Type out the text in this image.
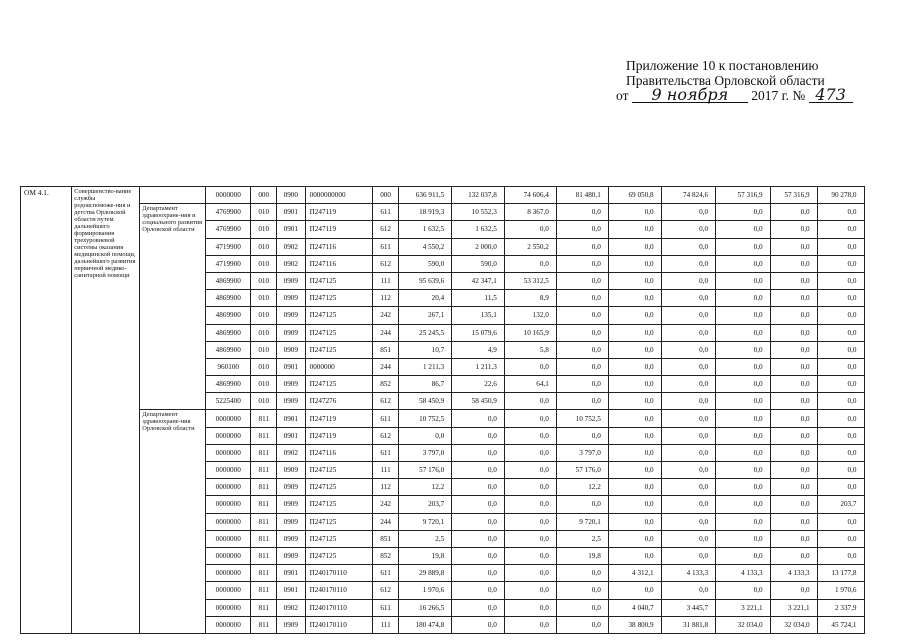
Приложение 10 к постановлению
Правительства Орловской области
от 9 ноября 2017 г. № 473
ОМ 4.1.	Совершенство-вание службы родовспоможе-ния и детства Орловской области путем дальнейшего формирования трехуровневой системы оказания медицинской помощи, дальнейшего развития первичной медико-санитарной помощи		0000000	000	0900	0000000000	000	636 911,5	132 037,8	74 606,4	81 480,1	69 050,8	74 824,6	57 316,9	57 316,9	90 278,0
		Департамент здравоохране-ния и социального развития Орловской области	4769900	010	0901	П247119	611	18 919,3	10 552,3	8 367,0	0,0	0,0	0,0	0,0	0,0	0,0
			4769900	010	0901	П247119	612	1 632,5	1 632,5	0,0	0,0	0,0	0,0	0,0	0,0	0,0
			4719900	010	0902	П247116	611	4 550,2	2 000,0	2 550,2	0,0	0,0	0,0	0,0	0,0	0,0
			4719900	010	0902	П247116	612	590,0	590,0	0,0	0,0	0,0	0,0	0,0	0,0	0,0
			4869900	010	0909	П247125	111	95 639,6	42 347,1	53 312,5	0,0	0,0	0,0	0,0	0,0	0,0
			4869900	010	0909	П247125	112	20,4	11,5	8,9	0,0	0,0	0,0	0,0	0,0	0,0
			4869900	010	0909	П247125	242	267,1	135,1	132,0	0,0	0,0	0,0	0,0	0,0	0,0
			4869900	010	0909	П247125	244	25 245,5	15 079,6	10 165,9	0,0	0,0	0,0	0,0	0,0	0,0
			4869900	010	0909	П247125	851	10,7	4,9	5,8	0,0	0,0	0,0	0,0	0,0	0,0
			960100	010	0901	0000000	244	1 211,3	1 211,3	0,0	0,0	0,0	0,0	0,0	0,0	0,0
			4869900	010	0909	П247125	852	86,7	22,6	64,1	0,0	0,0	0,0	0,0	0,0	0,0
			5225400	010	0909	П247276	612	58 450,9	58 450,9	0,0	0,0	0,0	0,0	0,0	0,0	0,0
		Департамент здравоохране-ния Орловской области	0000000	811	0901	П247119	611	10 752,5	0,0	0,0	10 752,5	0,0	0,0	0,0	0,0	0,0
			0000000	811	0901	П247119	612	0,0	0,0	0,0	0,0	0,0	0,0	0,0	0,0	0,0
			0000000	811	0902	П247116	611	3 797,0	0,0	0,0	3 797,0	0,0	0,0	0,0	0,0	0,0
			0000000	811	0909	П247125	111	57 176,0	0,0	0,0	57 176,0	0,0	0,0	0,0	0,0	0,0
			0000000	811	0909	П247125	112	12,2	0,0	0,0	12,2	0,0	0,0	0,0	0,0	0,0
			0000000	811	0909	П247125	242	203,7	0,0	0,0	0,0	0,0	0,0	0,0	0,0	203,7
			0000000	811	0909	П247125	244	9 720,1	0,0	0,0	9 720,1	0,0	0,0	0,0	0,0	0,0
			0000000	811	0909	П247125	851	2,5	0,0	0,0	2,5	0,0	0,0	0,0	0,0	0,0
			0000000	811	0909	П247125	852	19,8	0,0	0,0	19,8	0,0	0,0	0,0	0,0	0,0
			0000000	811	0901	П240170110	611	29 889,8	0,0	0,0	0,0	4 312,1	4 133,3	4 133,3	4 133,3	13 177,8
			0000000	811	0901	П240170110	612	1 970,6	0,0	0,0	0,0	0,0	0,0	0,0	0,0	1 970,6
			0000000	811	0902	П240170110	611	16 266,5	0,0	0,0	0,0	4 040,7	3 445,7	3 221,1	3 221,1	2 337,9
			0000000	811	0909	П240170110	111	180 474,8	0,0	0,0	0,0	38 800,9	31 881,8	32 034,0	32 034,0	45 724,1
